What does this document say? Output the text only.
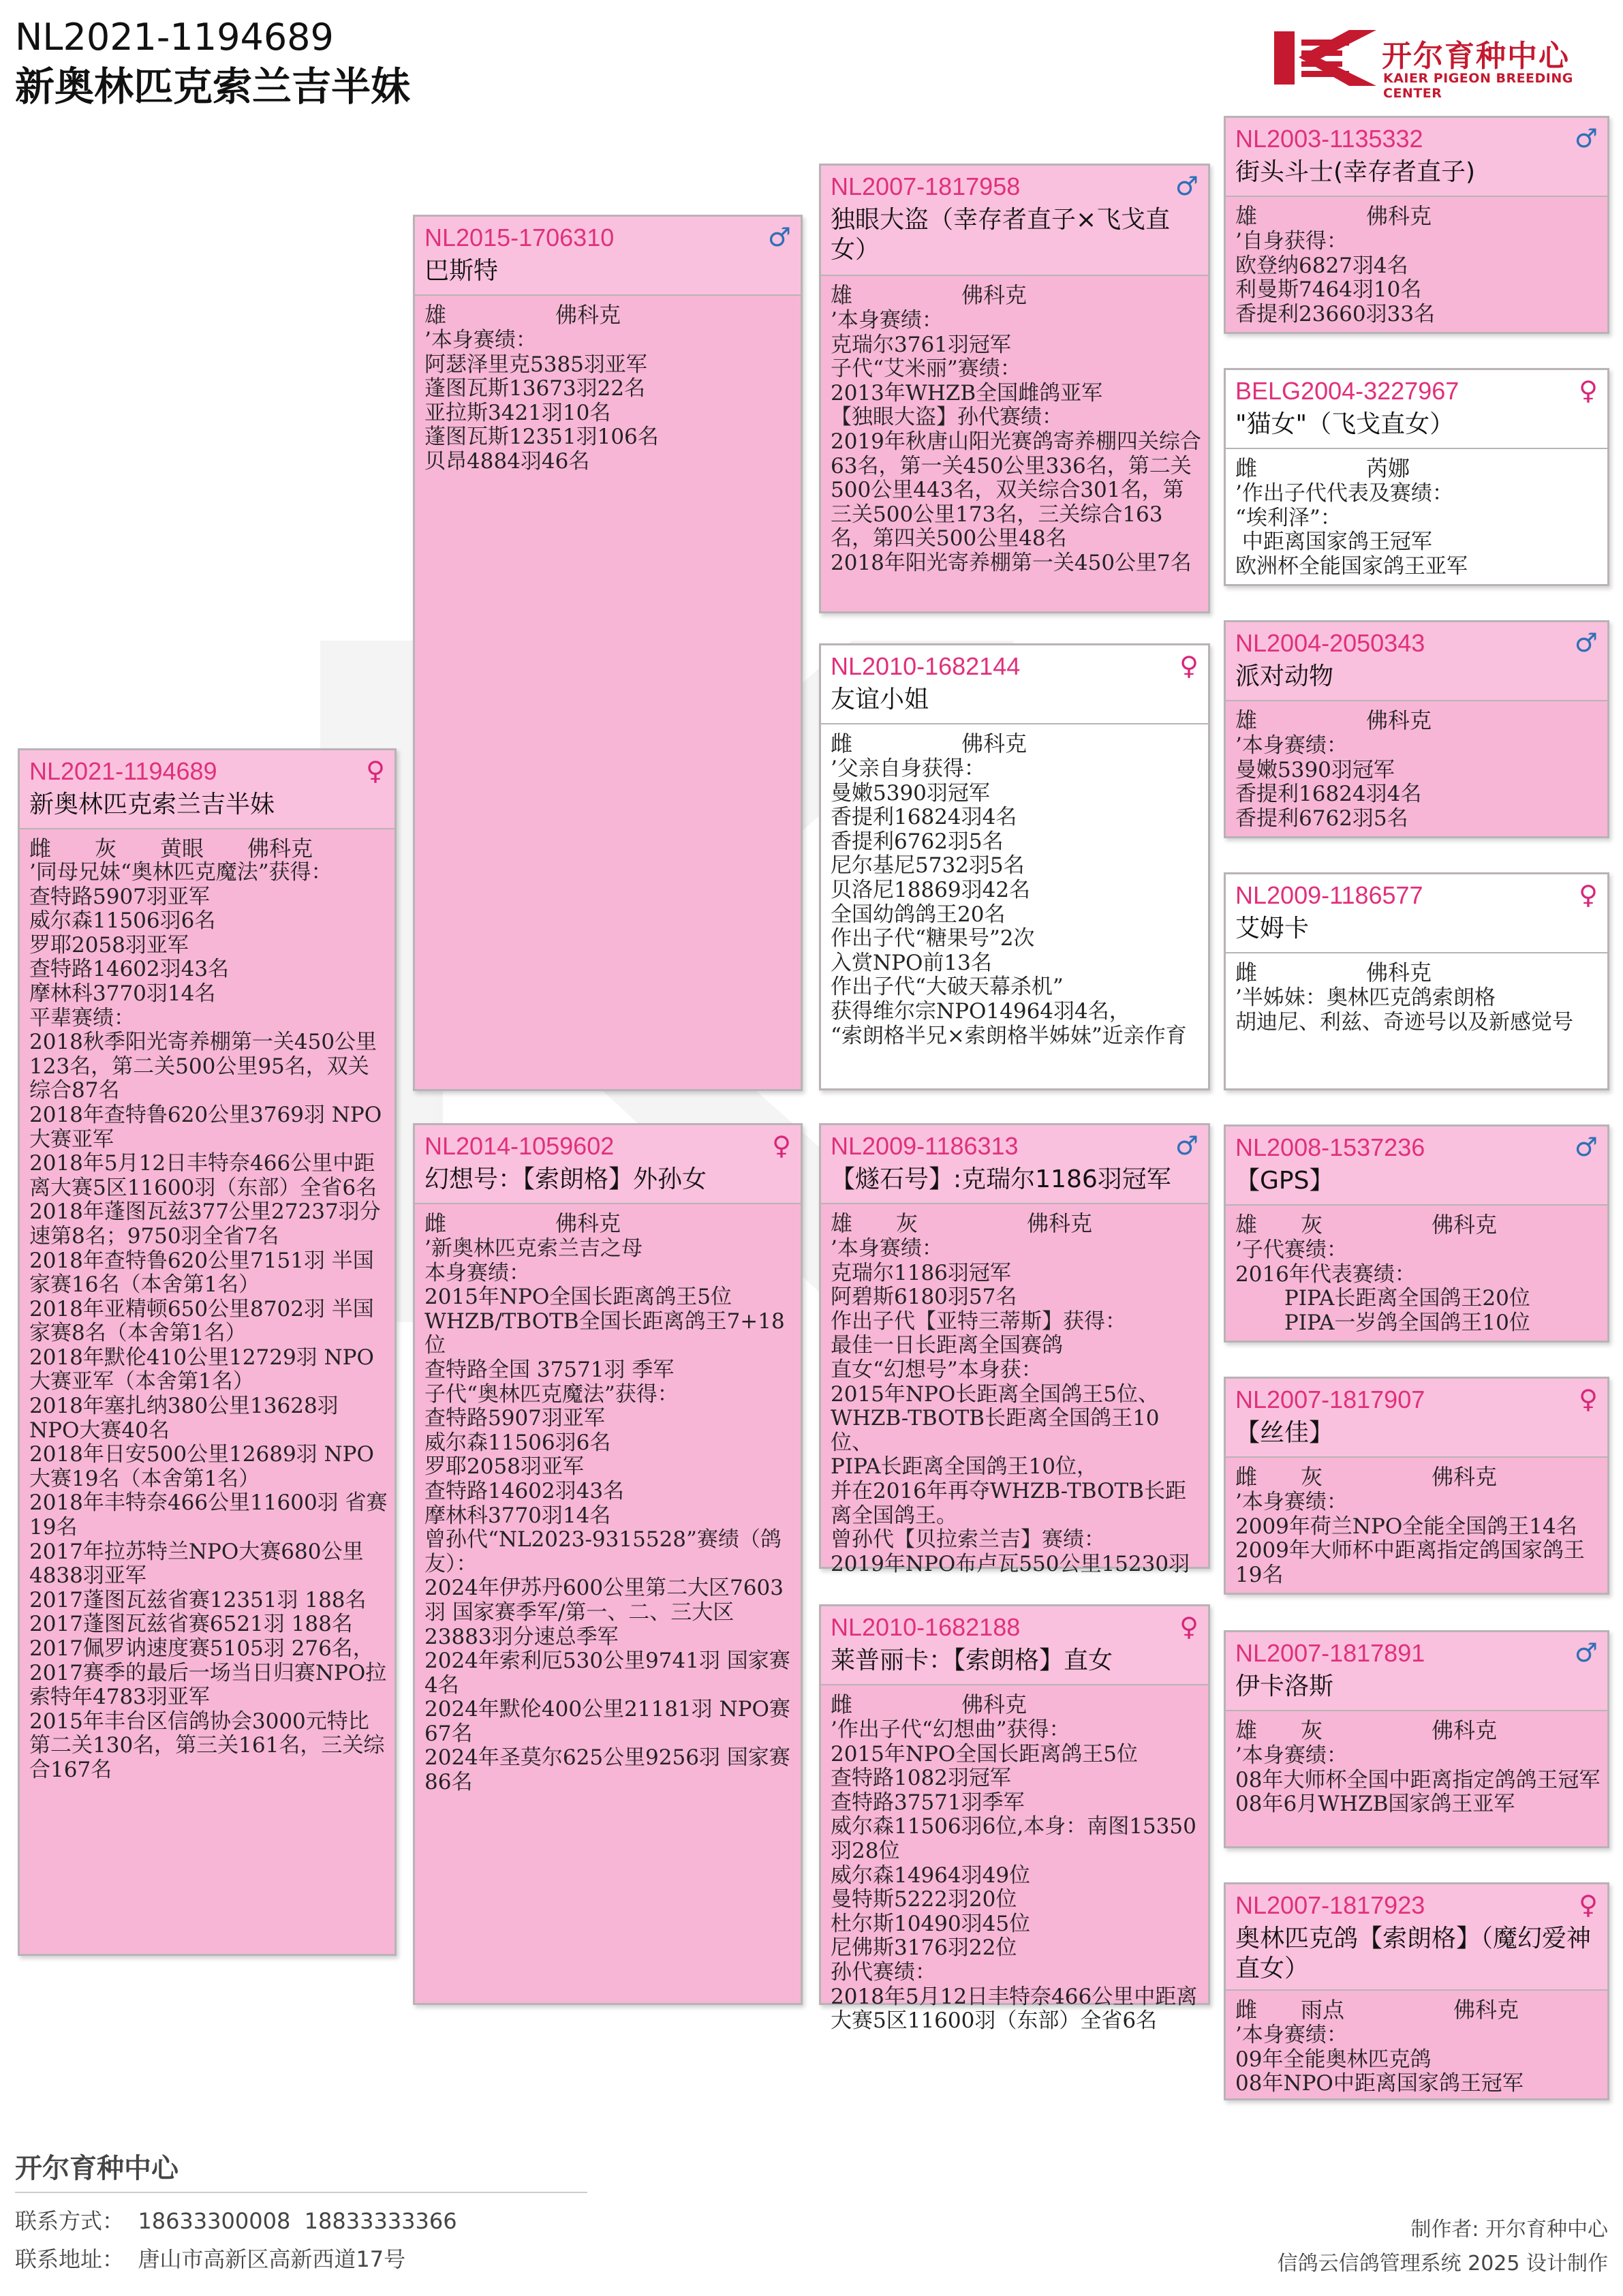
NL2021-1194689
新奥林匹克索兰吉半妹
开尔育种中心
KAIER PIGEON BREEDING CENTER
NL2021-1194689	♀
新奥林匹克索兰吉半妹
雌　　灰　　黄眼　　佛科克
’同母兄妹“奥林匹克魔法”获得：
查特路5907羽亚军
威尔森11506羽6名
罗耶2058羽亚军
查特路14602羽43名
摩林科3770羽14名
平辈赛绩：
2018秋季阳光寄养棚第一关450公里123名，第二关500公里95名，双关综合87名
2018年查特鲁620公里3769羽 NPO大赛亚军
2018年5月12日丰特奈466公里中距离大赛5区11600羽（东部）全省6名
2018年蓬图瓦兹377公里27237羽分速第8名；9750羽全省7名
2018年查特鲁620公里7151羽 半国家赛16名（本舍第1名）
2018年亚精顿650公里8702羽 半国家赛8名（本舍第1名）
2018年默伦410公里12729羽 NPO大赛亚军（本舍第1名）
2018年塞扎纳380公里13628羽 NPO大赛40名
2018年日安500公里12689羽 NPO大赛19名（本舍第1名）
2018年丰特奈466公里11600羽 省赛19名
2017年拉苏特兰NPO大赛680公里4838羽亚军
2017蓬图瓦兹省赛12351羽 188名
2017蓬图瓦兹省赛6521羽 188名
2017佩罗讷速度赛5105羽 276名，2017赛季的最后一场当日归赛NPO拉索特年4783羽亚军
2015年丰台区信鸽协会3000元特比第二关130名，第三关161名，三关综合167名
NL2015-1706310	♂
巴斯特
雄　　　　　佛科克
’本身赛绩：
阿瑟泽里克5385羽亚军
蓬图瓦斯13673羽22名
亚拉斯3421羽10名
蓬图瓦斯12351羽106名
贝昂4884羽46名
NL2014-1059602	♀
幻想号：【索朗格】外孙女
雌　　　　　佛科克
’新奥林匹克索兰吉之母
本身赛绩：
2015年NPO全国长距离鸽王5位
WHZB/TBOTB全国长距离鸽王7+18位
查特路全国 37571羽 季军
子代“奥林匹克魔法”获得：
查特路5907羽亚军
威尔森11506羽6名
罗耶2058羽亚军
查特路14602羽43名
摩林科3770羽14名
曾孙代“NL2023-9315528”赛绩（鸽友）：
2024年伊苏丹600公里第二大区7603羽 国家赛季军/第一、二、三大区 23883羽分速总季军
2024年索利厄530公里9741羽 国家赛4名
2024年默伦400公里21181羽 NPO赛67名
2024年圣莫尔625公里9256羽 国家赛86名
NL2007-1817958	♂
独眼大盗（幸存者直子×飞戈直女）
雄　　　　　佛科克
’本身赛绩：
克瑞尔3761羽冠军
子代“艾米丽”赛绩：
2013年WHZB全国雌鸽亚军
【独眼大盗】孙代赛绩：
2019年秋唐山阳光赛鸽寄养棚四关综合63名，第一关450公里336名，第二关500公里443名，双关综合301名，第三关500公里173名，三关综合163名，第四关500公里48名
2018年阳光寄养棚第一关450公里7名
NL2010-1682144	♀
友谊小姐
雌　　　　　佛科克
’父亲自身获得：
曼嫩5390羽冠军
香提利16824羽4名
香提利6762羽5名
尼尔基尼5732羽5名
贝洛尼18869羽42名
全国幼鸽鸽王20名
作出子代“糖果号”2次
入赏NPO前13名
作出子代“大破天幕杀机”
获得维尔宗NPO14964羽4名，
“索朗格半兄×索朗格半姊妹”近亲作育
NL2009-1186313	♂
【燧石号】:克瑞尔1186羽冠军
雄　　灰　　　　　佛科克
’本身赛绩：
克瑞尔1186羽冠军
阿碧斯6180羽57名
作出子代【亚特三蒂斯】获得：
最佳一日长距离全国赛鸽
直女“幻想号”本身获：
2015年NPO长距离全国鸽王5位、
WHZB-TBOTB长距离全国鸽王10位、
PIPA长距离全国鸽王10位，
并在2016年再夺WHZB-TBOTB长距离全国鸽王。
曾孙代【贝拉索兰吉】赛绩：
2019年NPO布卢瓦550公里15230羽
NL2010-1682188	♀
莱普丽卡：【索朗格】直女
雌　　　　　佛科克
’作出子代“幻想曲”获得：
2015年NPO全国长距离鸽王5位
查特路1082羽冠军
查特路37571羽季军
威尔森11506羽6位,本身：南图15350羽28位
威尔森14964羽49位
曼特斯5222羽20位
杜尔斯10490羽45位
尼佛斯3176羽22位
孙代赛绩：
2018年5月12日丰特奈466公里中距离大赛5区11600羽（东部）全省6名
NL2003-1135332	♂
街头斗士(幸存者直子)
雄　　　　　佛科克
’自身获得：
欧登纳6827羽4名
利曼斯7464羽10名
香提利23660羽33名
BELG2004-3227967	♀
"猫女"（飞戈直女）
雌　　　　　芮娜
’作出子代代表及赛绩：
“埃利泽”：
中距离国家鸽王冠军
欧洲杯全能国家鸽王亚军
NL2004-2050343	♂
派对动物
雄　　　　　佛科克
’本身赛绩：
曼嫩5390羽冠军
香提利16824羽4名
香提利6762羽5名
NL2009-1186577	♀
艾姆卡
雌　　　　　佛科克
’半姊妹：奥林匹克鸽索朗格
胡迪尼、利兹、奇迹号以及新感觉号
NL2008-1537236	♂
【GPS】
雄　　灰　　　　　佛科克
’子代赛绩：
2016年代表赛绩：
　　PIPA长距离全国鸽王20位
　　PIPA一岁鸽全国鸽王10位
NL2007-1817907	♀
【丝佳】
雌　　灰　　　　　佛科克
’本身赛绩：
2009年荷兰NPO全能全国鸽王14名
2009年大师杯中距离指定鸽国家鸽王19名
NL2007-1817891	♂
伊卡洛斯
雄　　灰　　　　　佛科克
’本身赛绩：
08年大师杯全国中距离指定鸽鸽王冠军
08年6月WHZB国家鸽王亚军
NL2007-1817923	♀
奥林匹克鸽【索朗格】（魔幻爱神直女）
雌　　雨点　　　　　佛科克
’本身赛绩：
09年全能奥林匹克鸽
08年NPO中距离国家鸽王冠军
开尔育种中心
联系方式：  18633300008  18833333366
联系地址：  唐山市高新区高新西道17号
制作者: 开尔育种中心
信鸽云信鸽管理系统 2025 设计制作
